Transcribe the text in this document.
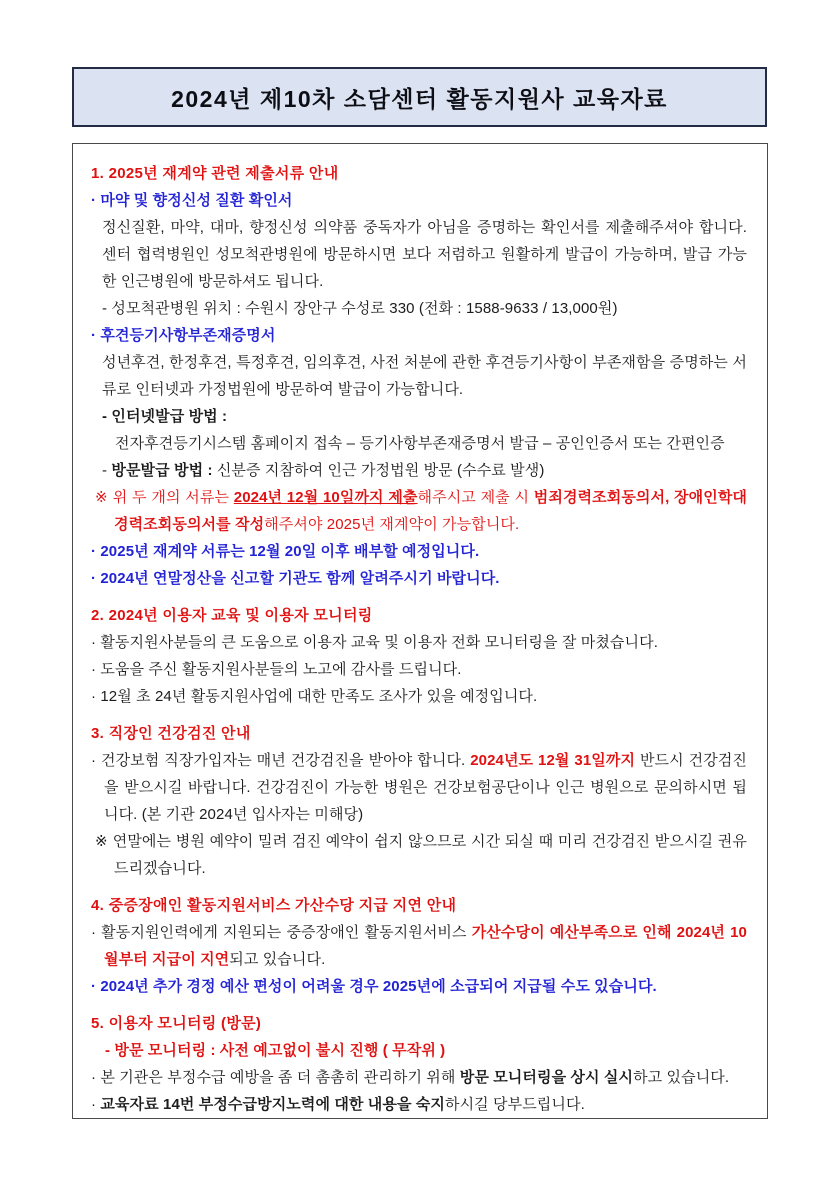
2024년 제10차 소담센터 활동지원사 교육자료

1. 2025년 재계약 관련 제출서류 안내

· 마약 및 향정신성 질환 확인서

정신질환, 마약, 대마, 향정신성 의약품 중독자가 아님을 증명하는 확인서를 제출해주셔야 합니다. 센터 협력병원인 성모척관병원에 방문하시면 보다 저렴하고 원활하게 발급이 가능하며, 발급 가능한 인근병원에 방문하셔도 됩니다.

- 성모척관병원 위치 : 수원시 장안구 수성로 330 (전화 : 1588-9633 / 13,000원)

· 후견등기사항부존재증명서

성년후견, 한정후견, 특정후견, 임의후견, 사전 처분에 관한 후견등기사항이 부존재함을 증명하는 서류로 인터넷과 가정법원에 방문하여 발급이 가능합니다.

- 인터넷발급 방법 :

전자후견등기시스템 홈페이지 접속 – 등기사항부존재증명서 발급 – 공인인증서 또는 간편인증

- 방문발급 방법 : 신분증 지참하여 인근 가정법원 방문 (수수료 발생)

※ 위 두 개의 서류는 2024년 12월 10일까지 제출해주시고 제출 시 범죄경력조회동의서, 장애인학대경력조회동의서를 작성해주셔야 2025년 재계약이 가능합니다.

· 2025년 재계약 서류는 12월 20일 이후 배부할 예정입니다.

· 2024년 연말정산을 신고할 기관도 함께 알려주시기 바랍니다.

2. 2024년 이용자 교육 및 이용자 모니터링

· 활동지원사분들의 큰 도움으로 이용자 교육 및 이용자 전화 모니터링을 잘 마쳤습니다.

· 도움을 주신 활동지원사분들의 노고에 감사를 드립니다.

· 12월 초 24년 활동지원사업에 대한 만족도 조사가 있을 예정입니다.

3. 직장인 건강검진 안내

· 건강보험 직장가입자는 매년 건강검진을 받아야 합니다. 2024년도 12월 31일까지 반드시 건강검진을 받으시길 바랍니다. 건강검진이 가능한 병원은 건강보험공단이나 인근 병원으로 문의하시면 됩니다. (본 기관 2024년 입사자는 미해당)

※ 연말에는 병원 예약이 밀려 검진 예약이 쉽지 않으므로 시간 되실 때 미리 건강검진 받으시길 권유 드리겠습니다.

4. 중증장애인 활동지원서비스 가산수당 지급 지연 안내

· 활동지원인력에게 지원되는 중증장애인 활동지원서비스 가산수당이 예산부족으로 인해 2024년 10월부터 지급이 지연되고 있습니다.

· 2024년 추가 경정 예산 편성이 어려울 경우 2025년에 소급되어 지급될 수도 있습니다.

5. 이용자 모니터링 (방문)

- 방문 모니터링 : 사전 예고없이 불시 진행 ( 무작위 )

· 본 기관은 부정수급 예방을 좀 더 촘촘히 관리하기 위해 방문 모니터링을 상시 실시하고 있습니다.

· 교육자료 14번 부정수급방지노력에 대한 내용을 숙지하시길 당부드립니다.
